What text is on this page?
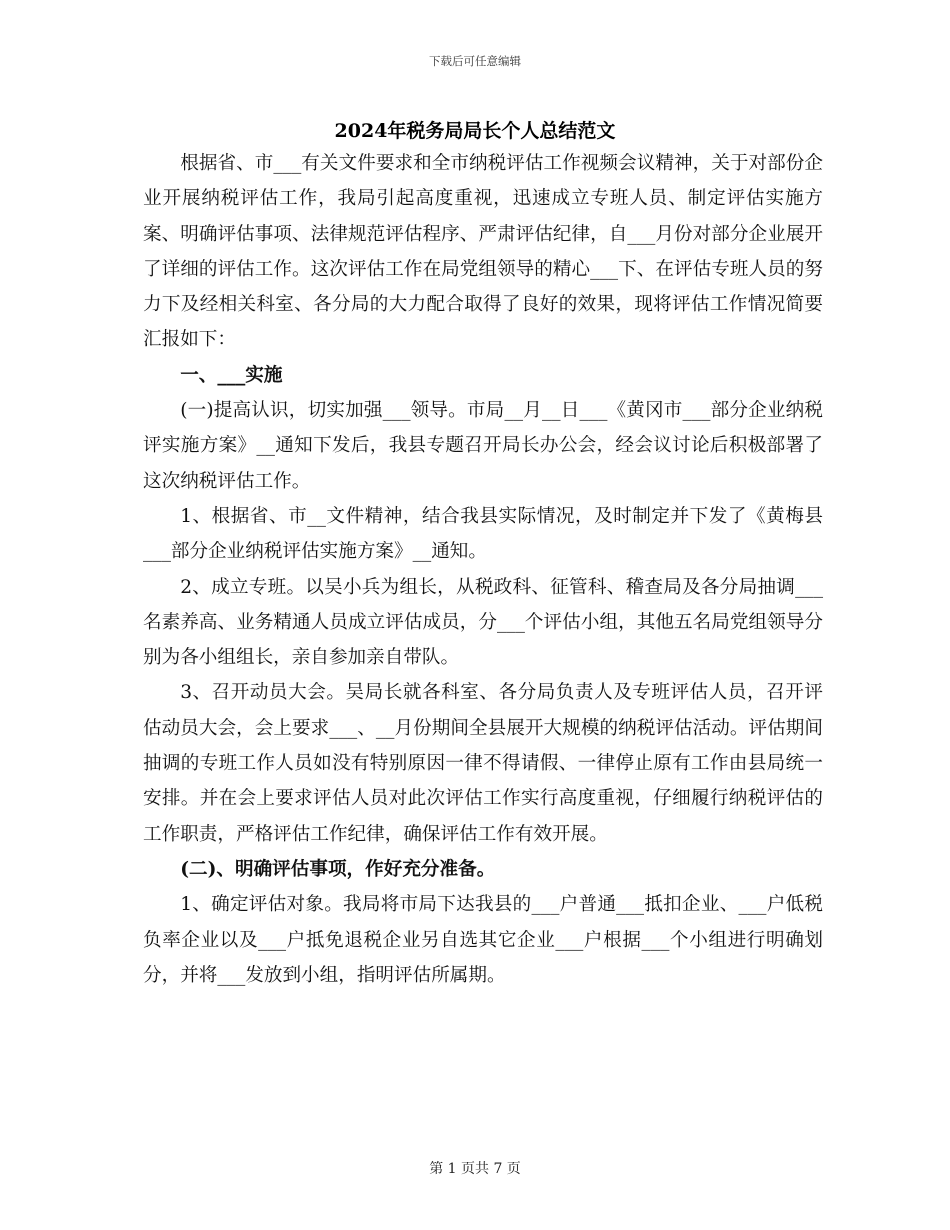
下载后可任意编辑
2024年税务局局长个人总结范文

根据省、市___有关文件要求和全市纳税评估工作视频会议精神，关于对部份企业开展纳税评估工作，我局引起高度重视，迅速成立专班人员、制定评估实施方案、明确评估事项、法律规范评估程序、严肃评估纪律，自___月份对部分企业展开了详细的评估工作。这次评估工作在局党组领导的精心___下、在评估专班人员的努力下及经相关科室、各分局的大力配合取得了良好的效果，现将评估工作情况简要汇报如下：

一、___实施

(一)提高认识，切实加强___领导。市局__月__日___《黄冈市___部分企业纳税评实施方案》__通知下发后，我县专题召开局长办公会，经会议讨论后积极部署了这次纳税评估工作。

1、根据省、市__文件精神，结合我县实际情况，及时制定并下发了《黄梅县___部分企业纳税评估实施方案》__通知。

2、成立专班。以吴小兵为组长，从税政科、征管科、稽查局及各分局抽调___名素养高、业务精通人员成立评估成员，分___个评估小组，其他五名局党组领导分别为各小组组长，亲自参加亲自带队。

3、召开动员大会。吴局长就各科室、各分局负责人及专班评估人员，召开评估动员大会，会上要求___、__月份期间全县展开大规模的纳税评估活动。评估期间抽调的专班工作人员如没有特别原因一律不得请假、一律停止原有工作由县局统一安排。并在会上要求评估人员对此次评估工作实行高度重视，仔细履行纳税评估的工作职责，严格评估工作纪律，确保评估工作有效开展。

(二)、明确评估事项，作好充分准备。

1、确定评估对象。我局将市局下达我县的___户普通___抵扣企业、___户低税负率企业以及___户抵免退税企业另自选其它企业___户根据___个小组进行明确划分，并将___发放到小组，指明评估所属期。

第 1 页共 7 页
